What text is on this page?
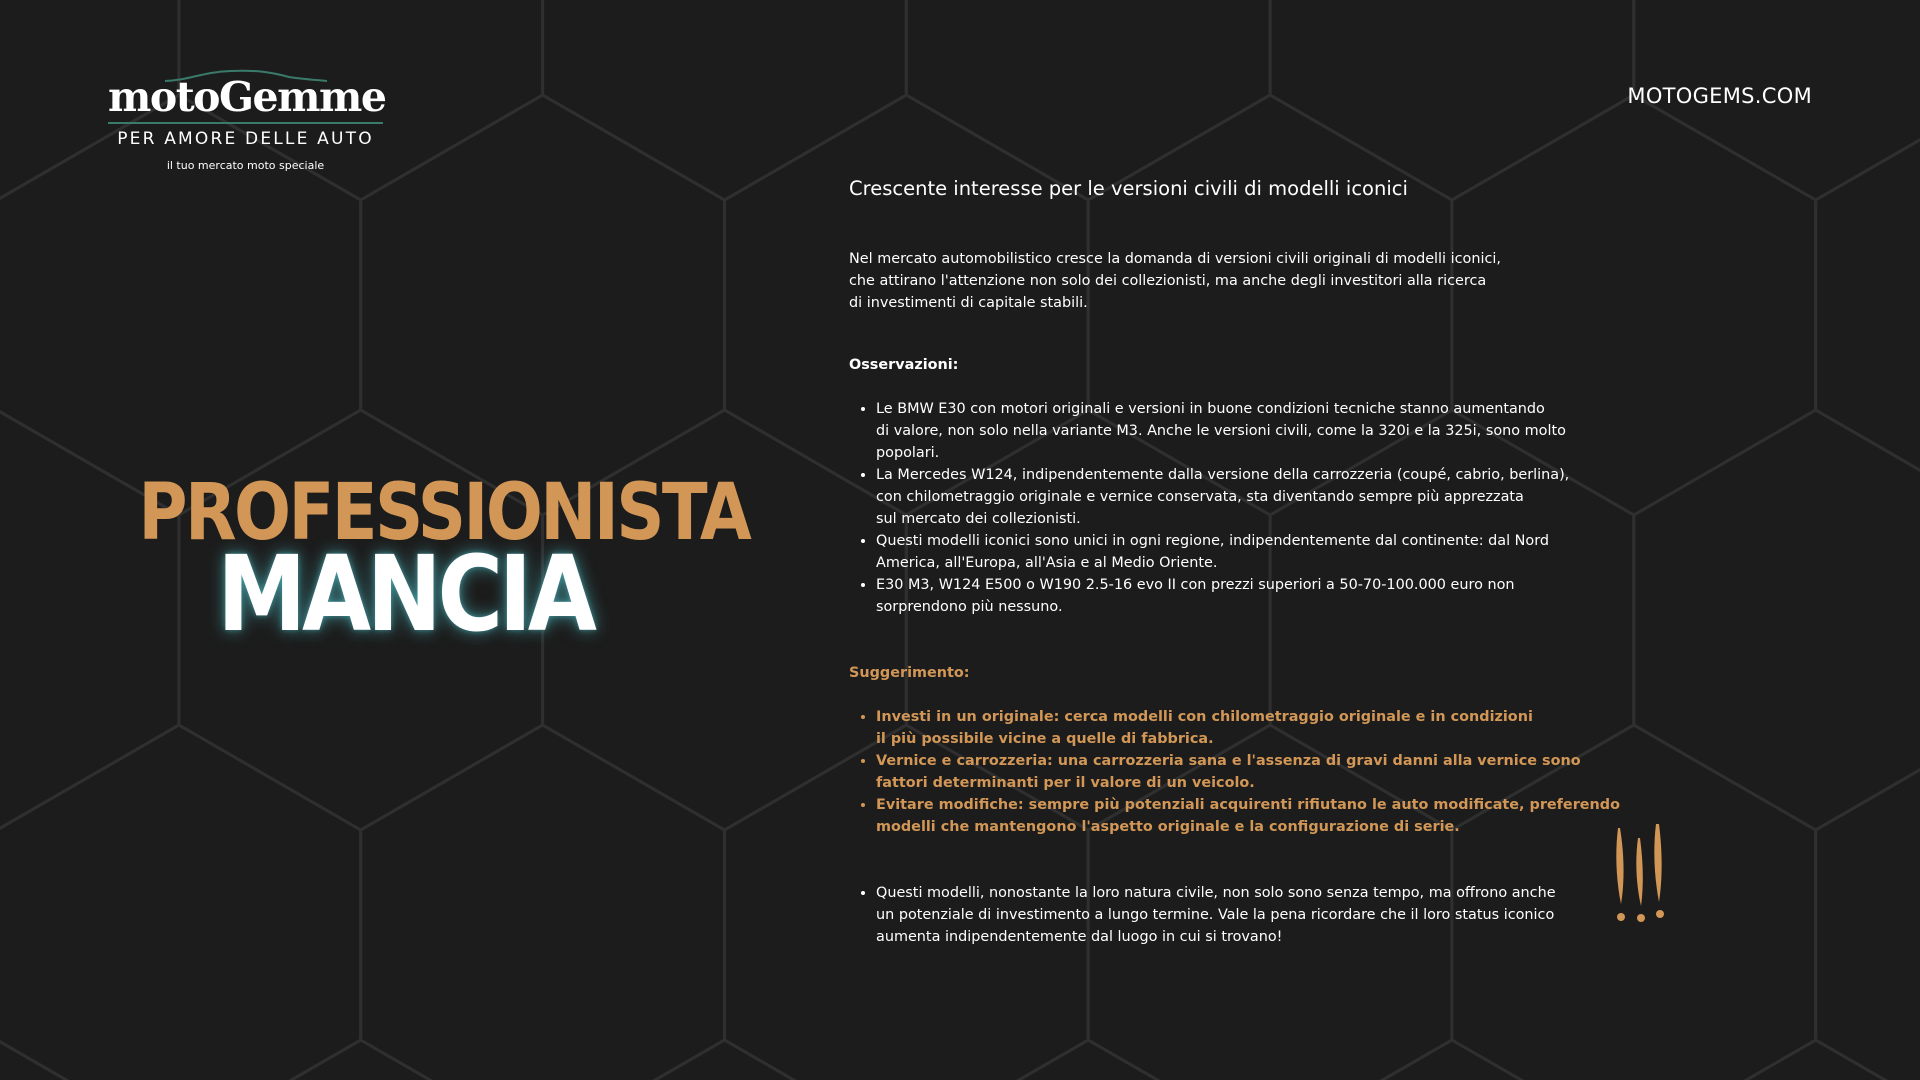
motoGemme
PER AMORE DELLE AUTO
il tuo mercato moto speciale
MOTOGEMS.COM
PROFESSIONISTA
MANCIA
Crescente interesse per le versioni civili di modelli iconici

Nel mercato automobilistico cresce la domanda di versioni civili originali di modelli iconici,
che attirano l'attenzione non solo dei collezionisti, ma anche degli investitori alla ricerca
di investimenti di capitale stabili.

Osservazioni:
• Le BMW E30 con motori originali e versioni in buone condizioni tecniche stanno aumentando
di valore, non solo nella variante M3. Anche le versioni civili, come la 320i e la 325i, sono molto
popolari.
• La Mercedes W124, indipendentemente dalla versione della carrozzeria (coupé, cabrio, berlina),
con chilometraggio originale e vernice conservata, sta diventando sempre più apprezzata
sul mercato dei collezionisti.
• Questi modelli iconici sono unici in ogni regione, indipendentemente dal continente: dal Nord
America, all'Europa, all'Asia e al Medio Oriente.
• E30 M3, W124 E500 o W190 2.5-16 evo II con prezzi superiori a 50-70-100.000 euro non
sorprendono più nessuno.
Suggerimento:
• Investi in un originale: cerca modelli con chilometraggio originale e in condizioni
il più possibile vicine a quelle di fabbrica.
• Vernice e carrozzeria: una carrozzeria sana e l'assenza di gravi danni alla vernice sono
fattori determinanti per il valore di un veicolo.
• Evitare modifiche: sempre più potenziali acquirenti rifiutano le auto modificate, preferendo
modelli che mantengono l'aspetto originale e la configurazione di serie.
• Questi modelli, nonostante la loro natura civile, non solo sono senza tempo, ma offrono anche
un potenziale di investimento a lungo termine. Vale la pena ricordare che il loro status iconico
aumenta indipendentemente dal luogo in cui si trovano!
